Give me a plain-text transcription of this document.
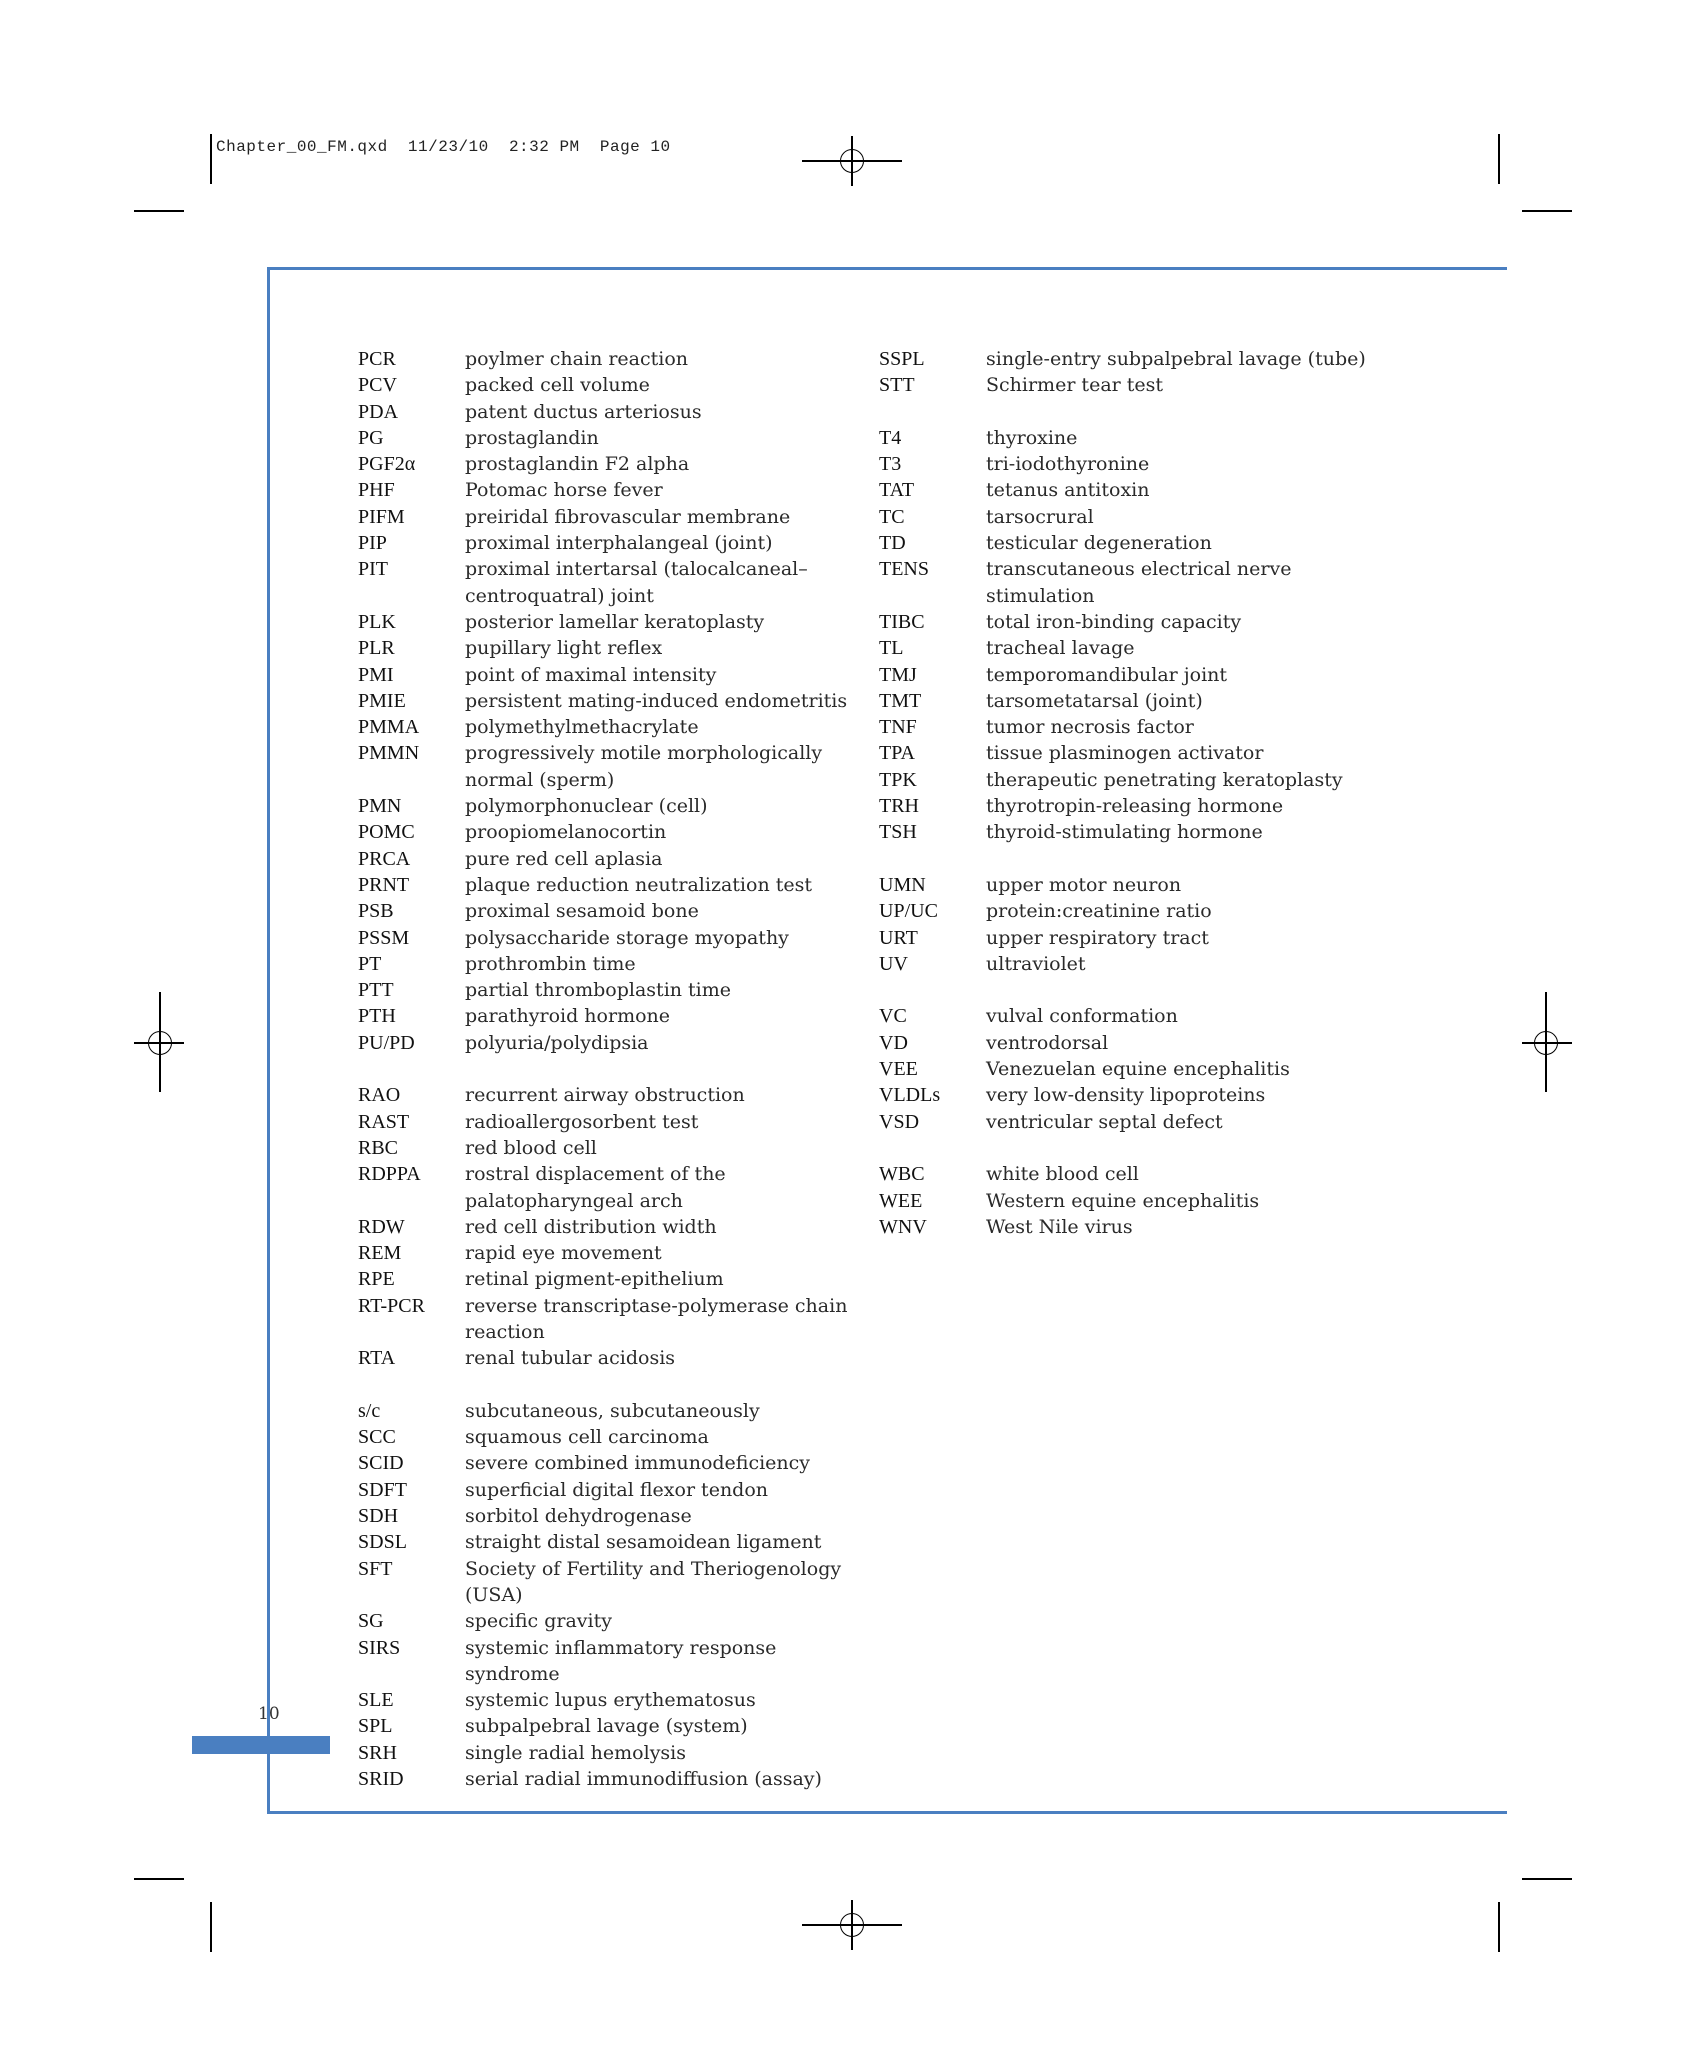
Chapter_00_FM.qxd  11/23/10  2:32 PM  Page 10
10
PCR	poylmer chain reaction
PCV	packed cell volume
PDA	patent ductus arteriosus
PG	prostaglandin
PGF2α	prostaglandin F2 alpha
PHF	Potomac horse fever
PIFM	preiridal fibrovascular membrane
PIP	proximal interphalangeal (joint)
PIT	proximal intertarsal (talocalcaneal–centroquatral) joint
PLK	posterior lamellar keratoplasty
PLR	pupillary light reflex
PMI	point of maximal intensity
PMIE	persistent mating-induced endometritis
PMMA	polymethylmethacrylate
PMMN	progressively motile morphologically normal (sperm)
PMN	polymorphonuclear (cell)
POMC	proopiomelanocortin
PRCA	pure red cell aplasia
PRNT	plaque reduction neutralization test
PSB	proximal sesamoid bone
PSSM	polysaccharide storage myopathy
PT	prothrombin time
PTT	partial thromboplastin time
PTH	parathyroid hormone
PU/PD	polyuria/polydipsia
RAO	recurrent airway obstruction
RAST	radioallergosorbent test
RBC	red blood cell
RDPPA	rostral displacement of the palatopharyngeal arch
RDW	red cell distribution width
REM	rapid eye movement
RPE	retinal pigment-epithelium
RT-PCR	reverse transcriptase-polymerase chain reaction
RTA	renal tubular acidosis
s/c	subcutaneous, subcutaneously
SCC	squamous cell carcinoma
SCID	severe combined immunodeficiency
SDFT	superficial digital flexor tendon
SDH	sorbitol dehydrogenase
SDSL	straight distal sesamoidean ligament
SFT	Society of Fertility and Theriogenology (USA)
SG	specific gravity
SIRS	systemic inflammatory response syndrome
SLE	systemic lupus erythematosus
SPL	subpalpebral lavage (system)
SRH	single radial hemolysis
SRID	serial radial immunodiffusion (assay)
SSPL	single-entry subpalpebral lavage (tube)
STT	Schirmer tear test
T4	thyroxine
T3	tri-iodothyronine
TAT	tetanus antitoxin
TC	tarsocrural
TD	testicular degeneration
TENS	transcutaneous electrical nerve stimulation
TIBC	total iron-binding capacity
TL	tracheal lavage
TMJ	temporomandibular joint
TMT	tarsometatarsal (joint)
TNF	tumor necrosis factor
TPA	tissue plasminogen activator
TPK	therapeutic penetrating keratoplasty
TRH	thyrotropin-releasing hormone
TSH	thyroid-stimulating hormone
UMN	upper motor neuron
UP/UC	protein:creatinine ratio
URT	upper respiratory tract
UV	ultraviolet
VC	vulval conformation
VD	ventrodorsal
VEE	Venezuelan equine encephalitis
VLDLs	very low-density lipoproteins
VSD	ventricular septal defect
WBC	white blood cell
WEE	Western equine encephalitis
WNV	West Nile virus
